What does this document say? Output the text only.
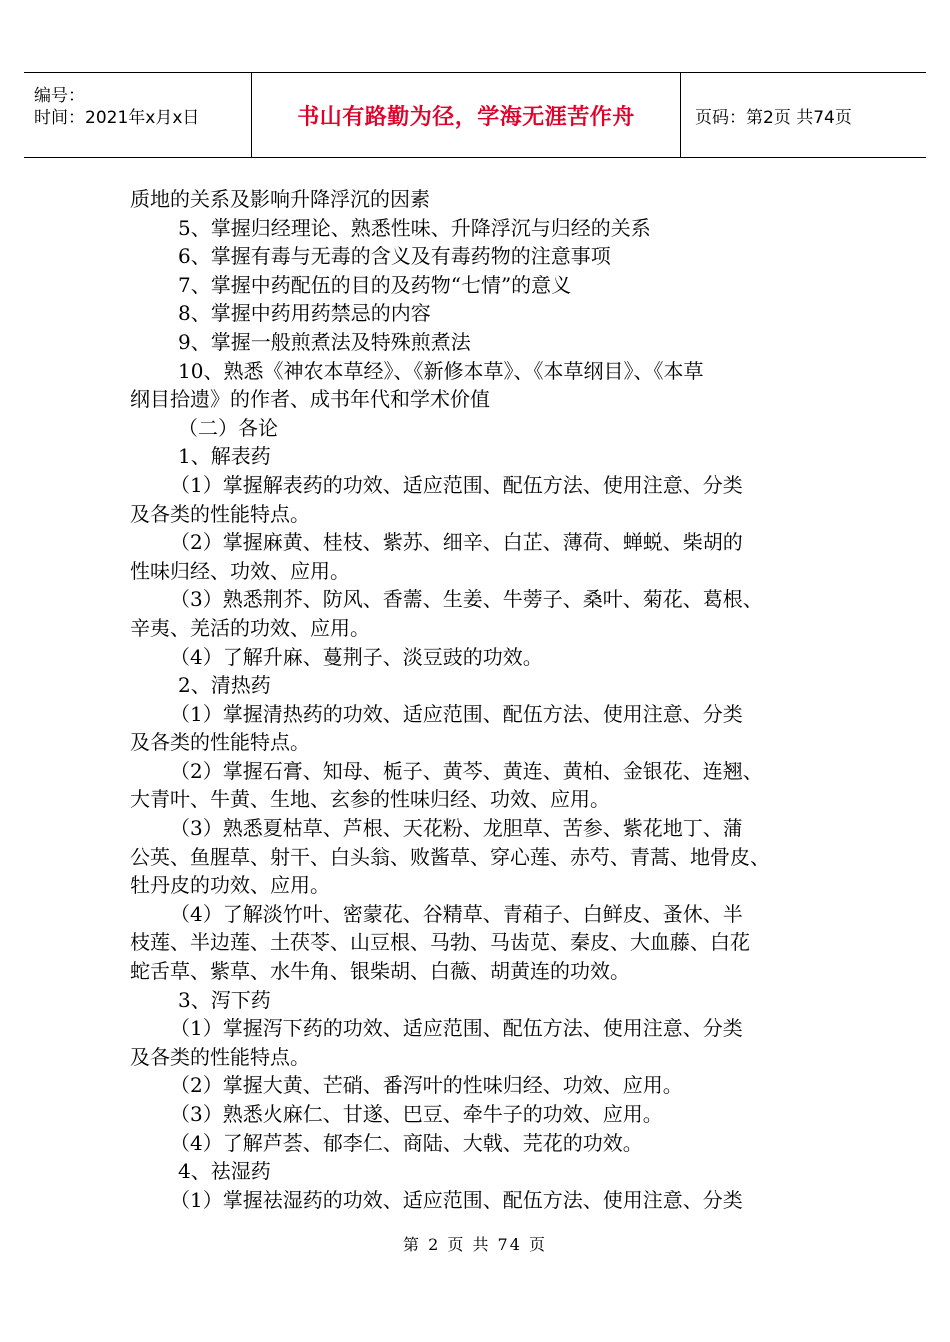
编号：
时间：2021年x月x日	书山有路勤为径，学海无涯苦作舟	页码：第2页 共74页

质地的关系及影响升降浮沉的因素

5、掌握归经理论、熟悉性味、升降浮沉与归经的关系

6、掌握有毒与无毒的含义及有毒药物的注意事项

7、掌握中药配伍的目的及药物“七情”的意义

8、掌握中药用药禁忌的内容

9、掌握一般煎煮法及特殊煎煮法

10、熟悉《神农本草经》、《新修本草》、《本草纲目》、《本草

纲目拾遗》的作者、成书年代和学术价值

（二）各论

1、解表药

（1）掌握解表药的功效、适应范围、配伍方法、使用注意、分类

及各类的性能特点。

（2）掌握麻黄、桂枝、紫苏、细辛、白芷、薄荷、蝉蜕、柴胡的

性味归经、功效、应用。

（3）熟悉荆芥、防风、香薷、生姜、牛蒡子、桑叶、菊花、葛根、

辛夷、羌活的功效、应用。

（4）了解升麻、蔓荆子、淡豆豉的功效。

2、清热药

（1）掌握清热药的功效、适应范围、配伍方法、使用注意、分类

及各类的性能特点。

（2）掌握石膏、知母、栀子、黄芩、黄连、黄柏、金银花、连翘、

大青叶、牛黄、生地、玄参的性味归经、功效、应用。

（3）熟悉夏枯草、芦根、天花粉、龙胆草、苦参、紫花地丁、蒲

公英、鱼腥草、射干、白头翁、败酱草、穿心莲、赤芍、青蒿、地骨皮、

牡丹皮的功效、应用。

（4）了解淡竹叶、密蒙花、谷精草、青葙子、白鲜皮、蚤休、半

枝莲、半边莲、土茯苓、山豆根、马勃、马齿苋、秦皮、大血藤、白花

蛇舌草、紫草、水牛角、银柴胡、白薇、胡黄连的功效。

3、泻下药

（1）掌握泻下药的功效、适应范围、配伍方法、使用注意、分类

及各类的性能特点。

（2）掌握大黄、芒硝、番泻叶的性味归经、功效、应用。

（3）熟悉火麻仁、甘遂、巴豆、牵牛子的功效、应用。

（4）了解芦荟、郁李仁、商陆、大戟、芫花的功效。

4、祛湿药

（1）掌握祛湿药的功效、适应范围、配伍方法、使用注意、分类

第 2 页 共 74 页
